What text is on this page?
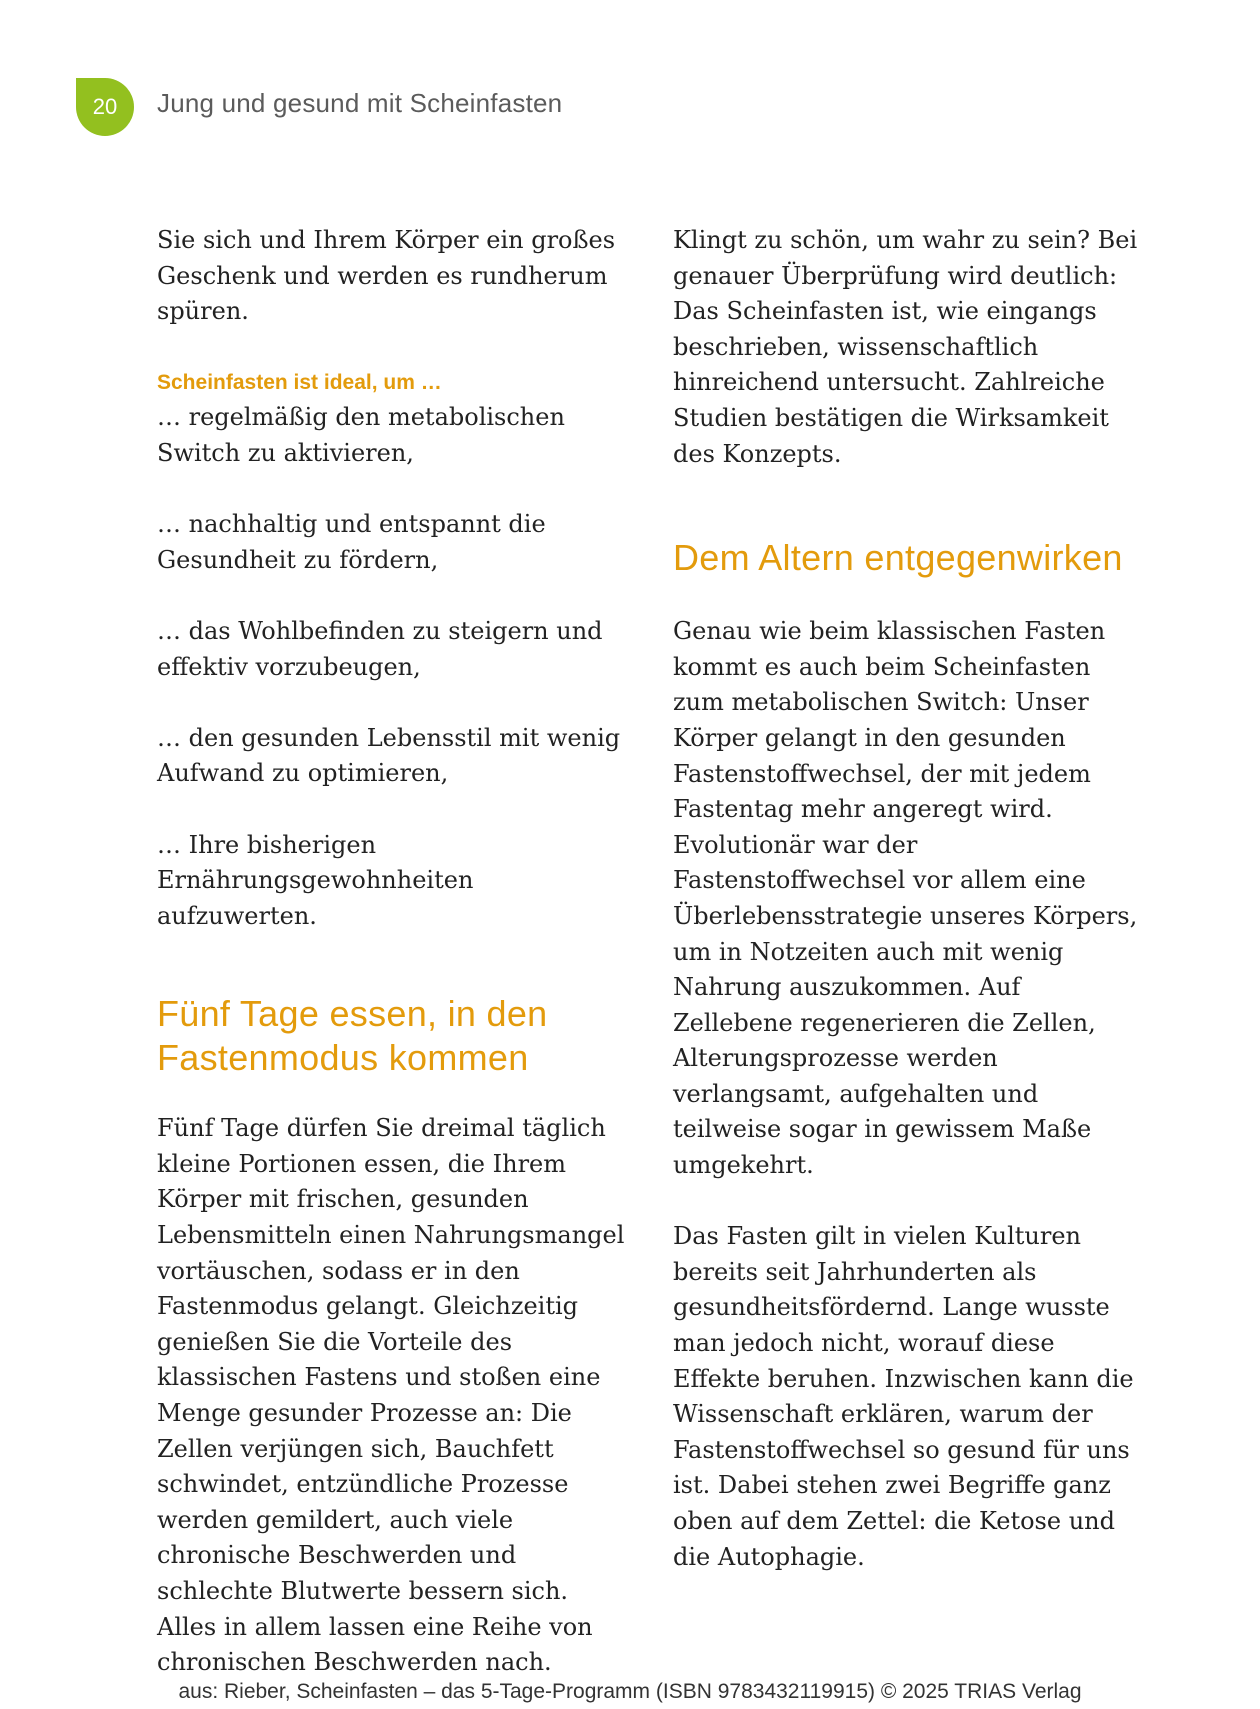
20 Jung und gesund mit Scheinfasten

Sie sich und Ihrem Körper ein großes Geschenk und werden es rundherum spüren.

Scheinfasten ist ideal, um …

… regelmäßig den metabolischen Switch zu aktivieren,

… nachhaltig und entspannt die Gesundheit zu fördern,

… das Wohlbefinden zu steigern und effektiv vorzubeugen,

… den gesunden Lebensstil mit wenig Aufwand zu optimieren,

… Ihre bisherigen Ernährungsgewohnheiten aufzuwerten.

Fünf Tage essen, in den Fastenmodus kommen

Fünf Tage dürfen Sie dreimal täglich kleine Portionen essen, die Ihrem Körper mit frischen, gesunden Lebensmitteln einen Nahrungsmangel vortäuschen, sodass er in den Fastenmodus gelangt. Gleichzeitig genießen Sie die Vorteile des klassischen Fastens und stoßen eine Menge gesunder Prozesse an: Die Zellen verjüngen sich, Bauchfett schwindet, entzündliche Prozesse werden gemildert, auch viele chronische Beschwerden und schlechte Blutwerte bessern sich. Alles in allem lassen eine Reihe von chronischen Beschwerden nach.

Klingt zu schön, um wahr zu sein? Bei genauer Überprüfung wird deutlich: Das Scheinfasten ist, wie eingangs beschrieben, wissenschaftlich hinreichend untersucht. Zahlreiche Studien bestätigen die Wirksamkeit des Konzepts.

Dem Altern entgegenwirken

Genau wie beim klassischen Fasten kommt es auch beim Scheinfasten zum metabolischen Switch: Unser Körper gelangt in den gesunden Fastenstoffwechsel, der mit jedem Fastentag mehr angeregt wird. Evolutionär war der Fastenstoffwechsel vor allem eine Überlebensstrategie unseres Körpers, um in Notzeiten auch mit wenig Nahrung auszukommen. Auf Zellebene regenerieren die Zellen, Alterungsprozesse werden verlangsamt, aufgehalten und teilweise sogar in gewissem Maße umgekehrt.

Das Fasten gilt in vielen Kulturen bereits seit Jahrhunderten als gesundheitsfördernd. Lange wusste man jedoch nicht, worauf diese Effekte beruhen. Inzwischen kann die Wissenschaft erklären, warum der Fastenstoffwechsel so gesund für uns ist. Dabei stehen zwei Begriffe ganz oben auf dem Zettel: die Ketose und die Autophagie.

aus: Rieber, Scheinfasten – das 5-Tage-Programm (ISBN 9783432119915) © 2025 TRIAS Verlag
